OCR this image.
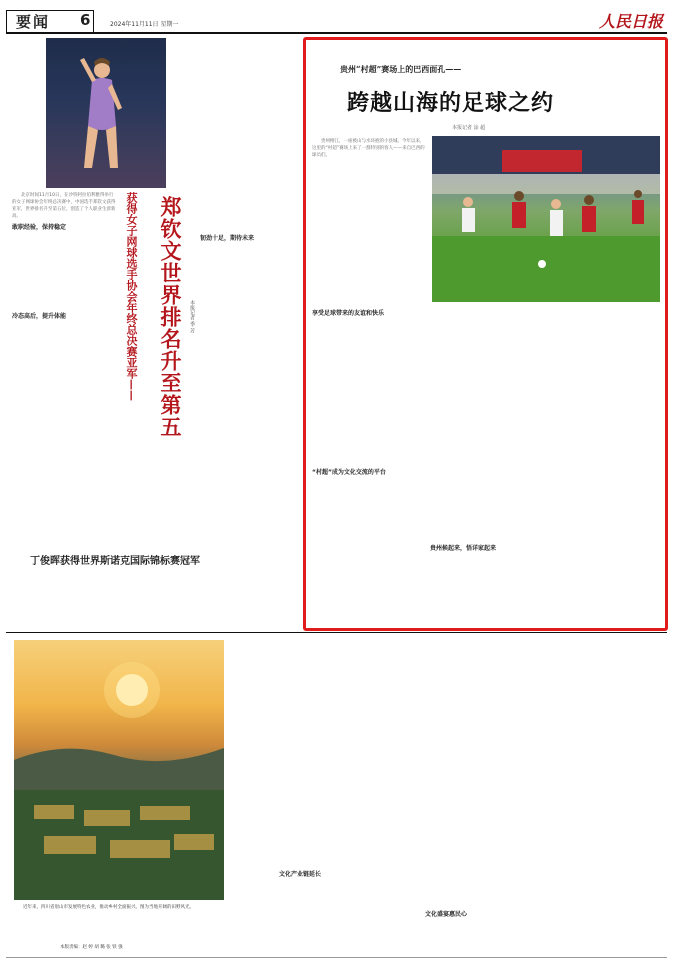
要闻 6	2024年11月11日 星期一	人民日报

北京时间11月10日，在沙特阿拉伯利雅得举行的女子网球协会年终总决赛中，中国选手郑钦文获得亚军，世界排名升至第五位，创造了个人职业生涯新高。

敢职经验，保持稳定

冷态高后，提升体能	获得女子网球选手协会年终总决赛亚军—— 郑钦文世界排名升至第五 本报记者 季 芳

韧劲十足，期待未来

丁俊晖获得世界斯诺克国际锦标赛冠军
贵州“村超”赛场上的巴西面孔——
跨越山海的足球之约
本报记者 涂 超

贵州榕江，一座被山与水环抱的小县城。今年以来，这里的“村超”赛场上来了一群特别的客人——来自巴西的球员们。

享受足球带来的友谊和快乐

“村超”成为文化交流的平台

贵州候起来，悟详家起来

近年来，四川省眉山市发展特色农业，推动乡村全面振兴。图为当地开阔的田野风光。

文化产业链延长

文化盛宴惠民心

本版责编：赵 婷 胡 璐 张 铁 强
